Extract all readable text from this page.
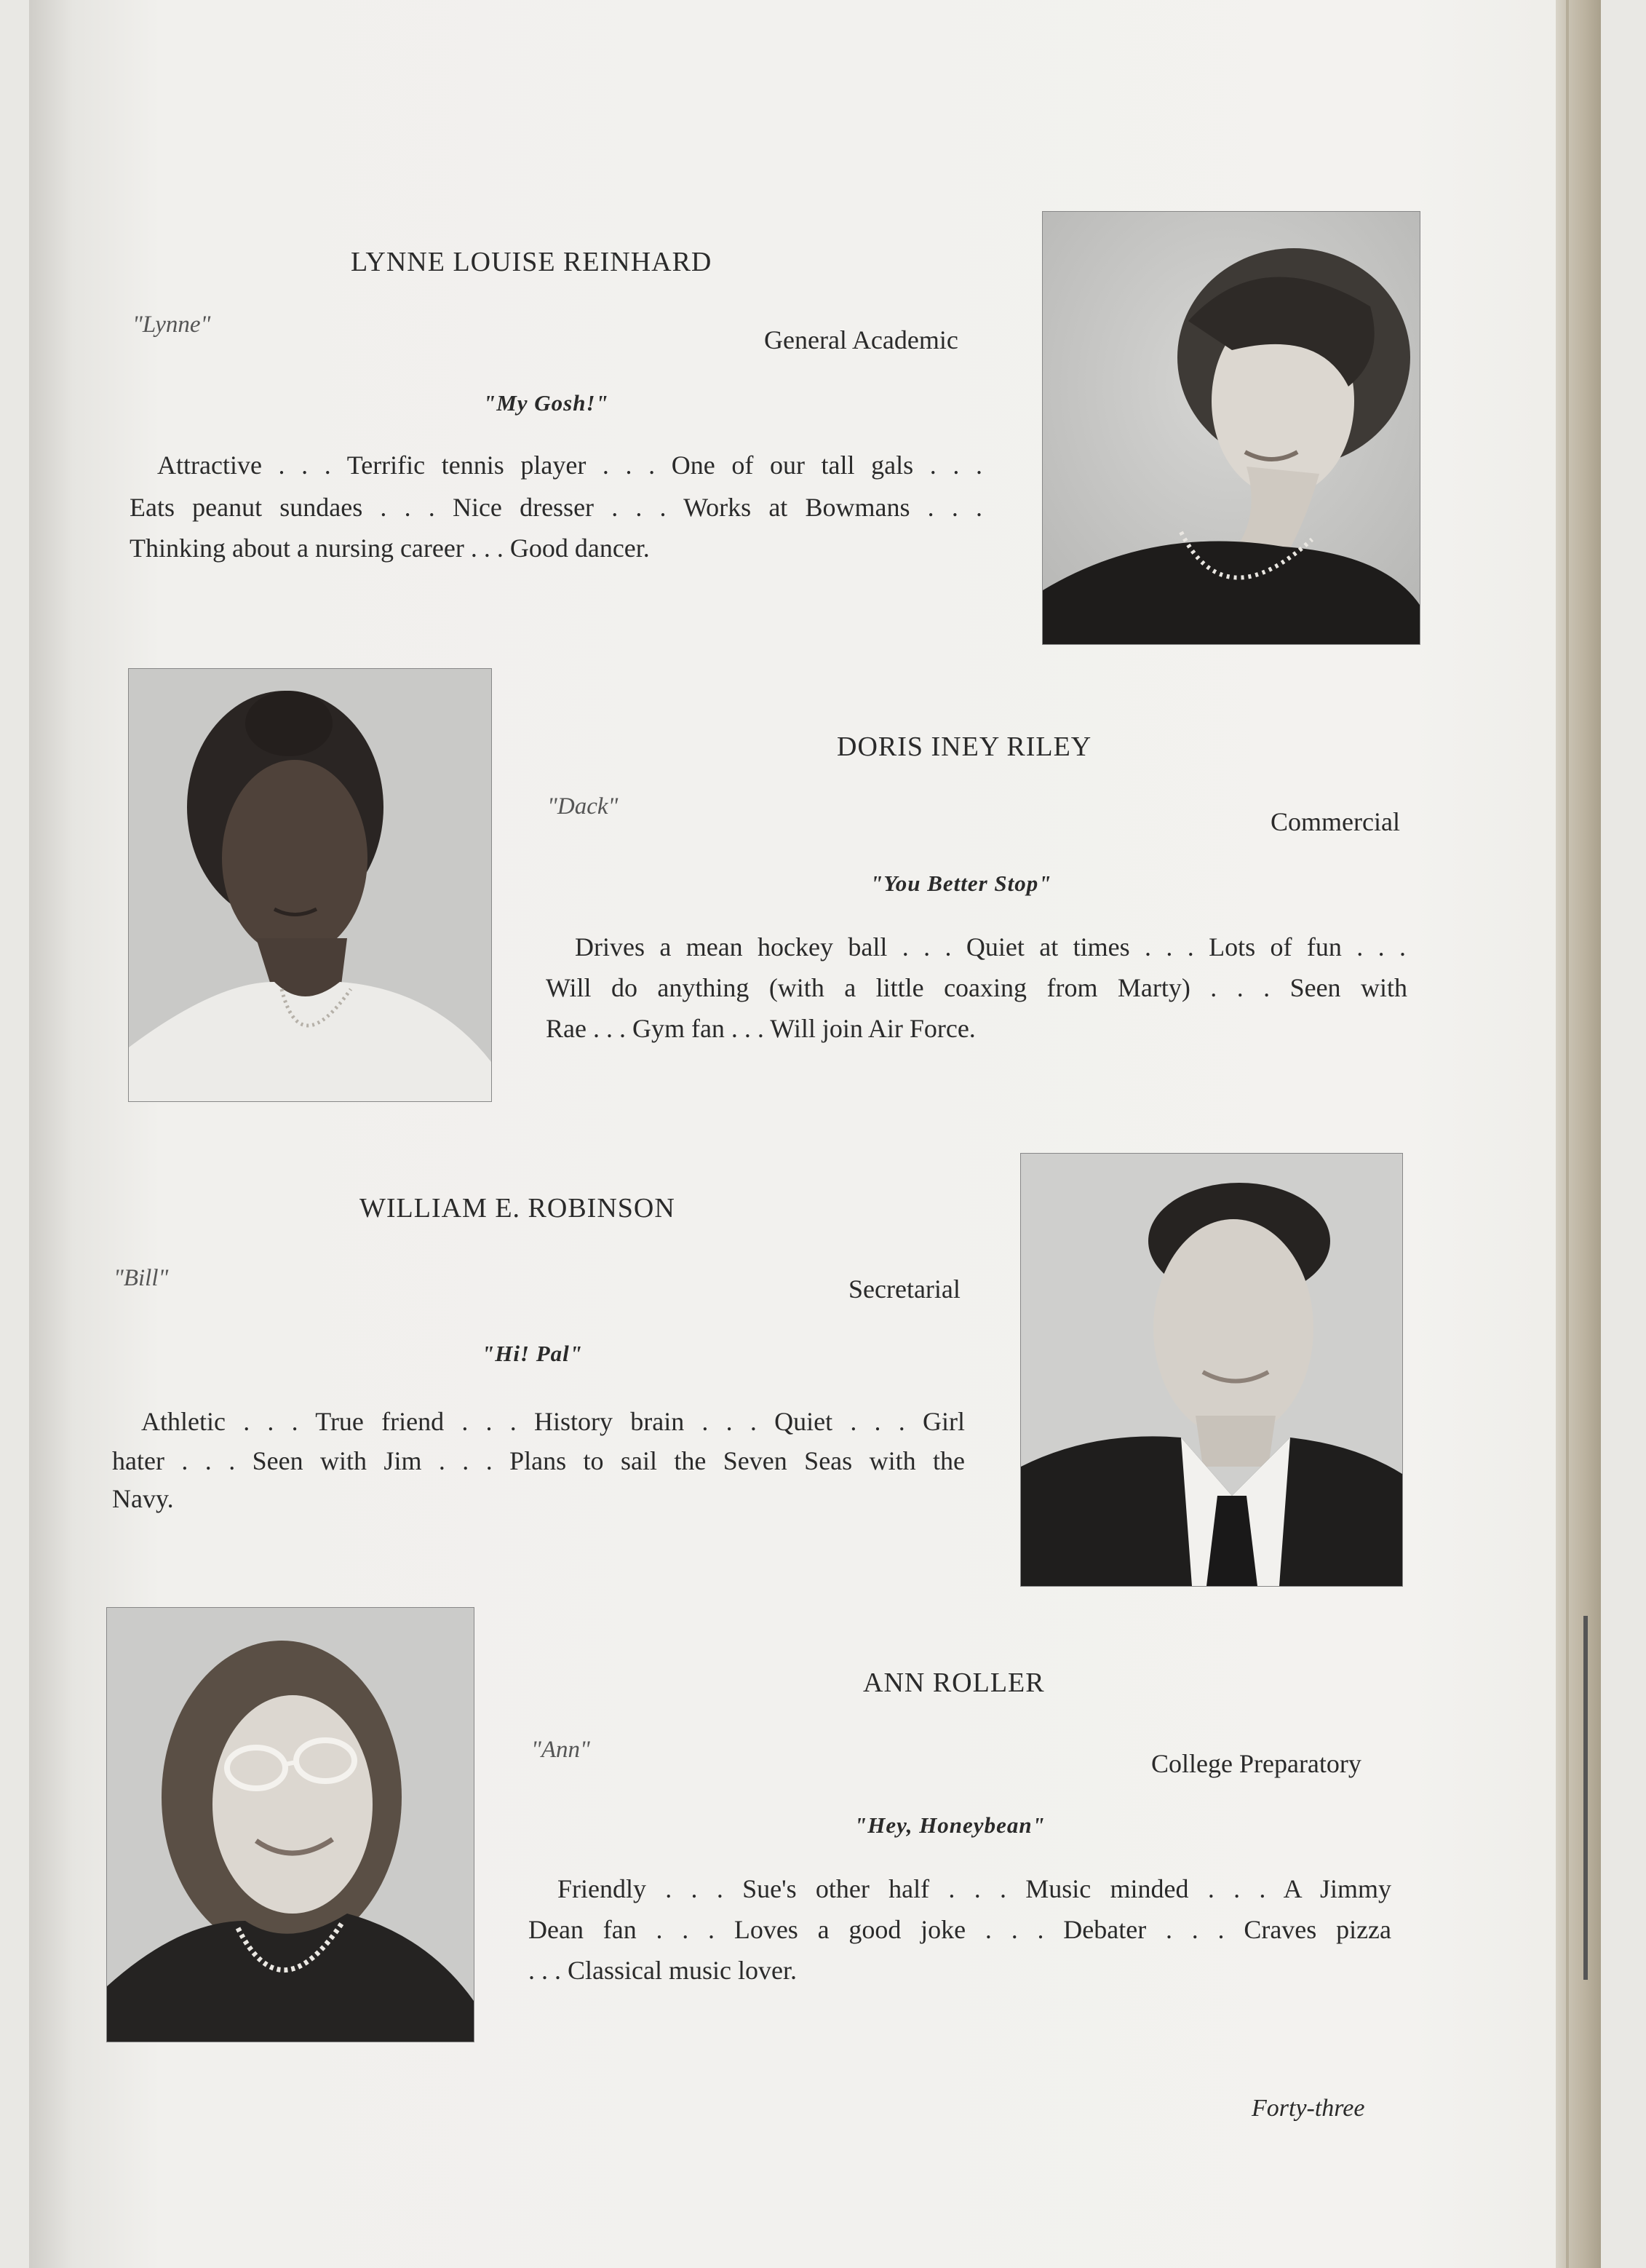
LYNNE LOUISE REINHARD
"Lynne"
General Academic
"My Gosh!"
Attractive . . . Terrific tennis player . . . One of our tall gals . . .
Eats peanut sundaes . . . Nice dresser . . . Works at Bowmans . . .
Thinking about a nursing career . . . Good dancer.
DORIS INEY RILEY
"Dack"
Commercial
"You Better Stop"
Drives a mean hockey ball . . . Quiet at times . . . Lots of fun . . .
Will do anything (with a little coaxing from Marty) . . . Seen with
Rae . . . Gym fan . . . Will join Air Force.
WILLIAM E. ROBINSON
"Bill"	Secretarial
"Hi! Pal"
Athletic . . . True friend . . . History brain . . . Quiet . . . Girl
hater . . . Seen with Jim . . . Plans to sail the Seven Seas with the
Navy.
ANN ROLLER
"Ann"	College Preparatory
"Hey, Honeybean"
Friendly . . . Sue's other half . . . Music minded . . . A Jimmy
Dean fan . . . Loves a good joke . . . Debater . . . Craves pizza
. . . Classical music lover.
Forty-three
